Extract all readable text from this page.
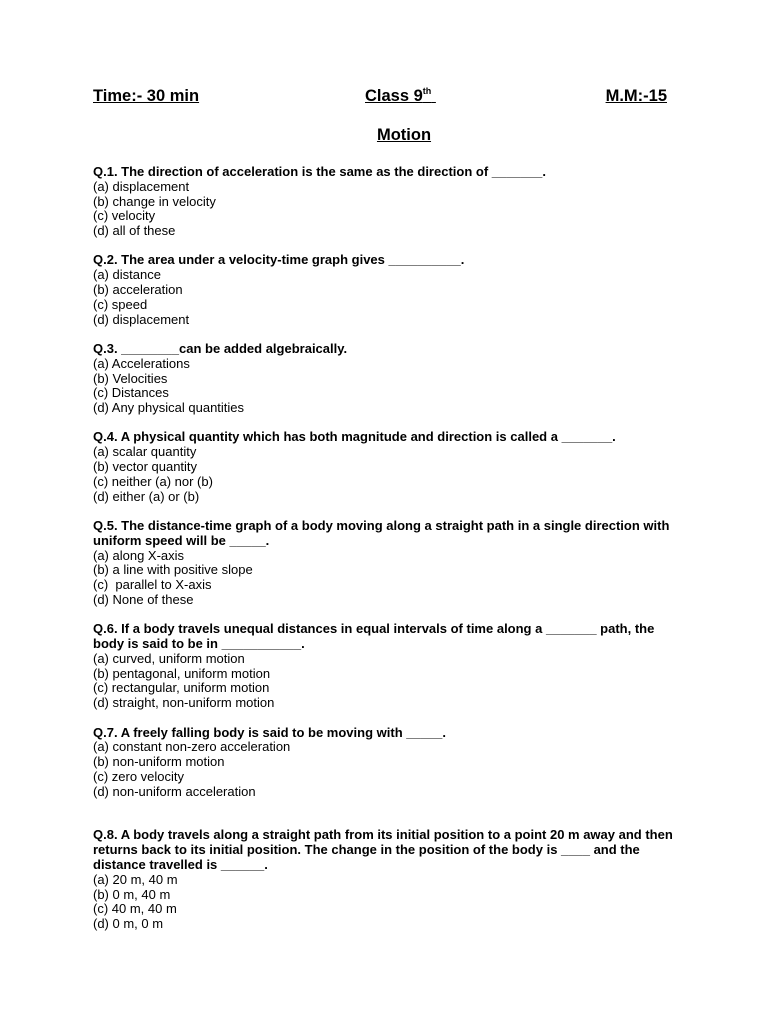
Time:- 30 min	Class 9th	M.M:-15
Motion

Q.1. The direction of acceleration is the same as the direction of _______.

(a) displacement
(b) change in velocity
(c) velocity
(d) all of these

Q.2. The area under a velocity-time graph gives __________.

(a) distance
(b) acceleration
(c) speed
(d) displacement

Q.3. ________can be added algebraically.

(a) Accelerations
(b) Velocities
(c) Distances
(d) Any physical quantities

Q.4. A physical quantity which has both magnitude and direction is called a _______.

(a) scalar quantity
(b) vector quantity
(c) neither (a) nor (b)
(d) either (a) or (b)

Q.5. The distance-time graph of a body moving along a straight path in a single direction with uniform speed will be _____.

(a) along X-axis
(b) a line with positive slope
(c)  parallel to X-axis
(d) None of these

Q.6. If a body travels unequal distances in equal intervals of time along a _______ path, the body is said to be in ___________.

(a) curved, uniform motion
(b) pentagonal, uniform motion
(c) rectangular, uniform motion
(d) straight, non-uniform motion

Q.7. A freely falling body is said to be moving with _____.

(a) constant non-zero acceleration
(b) non-uniform motion
(c) zero velocity
(d) non-uniform acceleration

Q.8. A body travels along a straight path from its initial position to a point 20 m away and then returns back to its initial position. The change in the position of the body is ____ and the distance travelled is ______.

(a) 20 m, 40 m
(b) 0 m, 40 m
(c) 40 m, 40 m
(d) 0 m, 0 m
